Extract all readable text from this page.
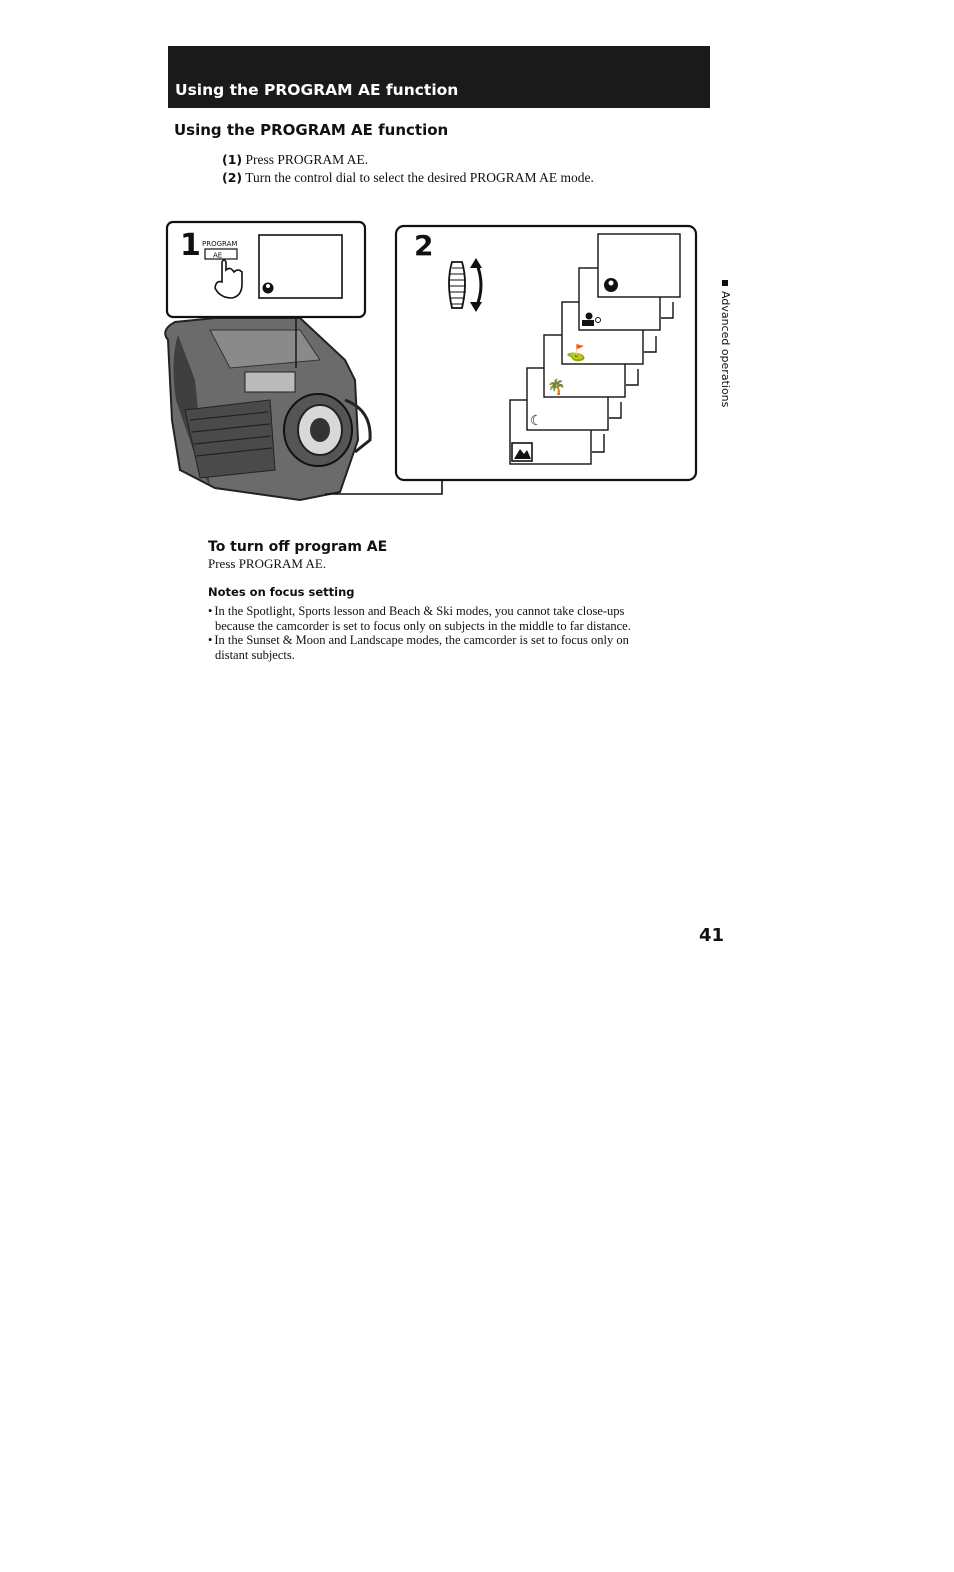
Using the PROGRAM AE function
Using the PROGRAM AE function
(1) Press PROGRAM AE.
(2) Turn the control dial to select the desired PROGRAM AE mode.
1 PROGRAM
AE	2
⛳
🌴
☾
Advanced operations
To turn off program AE
Press PROGRAM AE.
Notes on focus setting
• In the Spotlight, Sports lesson and Beach & Ski modes, you cannot take close-ups
because the camcorder is set to focus only on subjects in the middle to far distance.
• In the Sunset & Moon and Landscape modes, the camcorder is set to focus only on
distant subjects.
41
